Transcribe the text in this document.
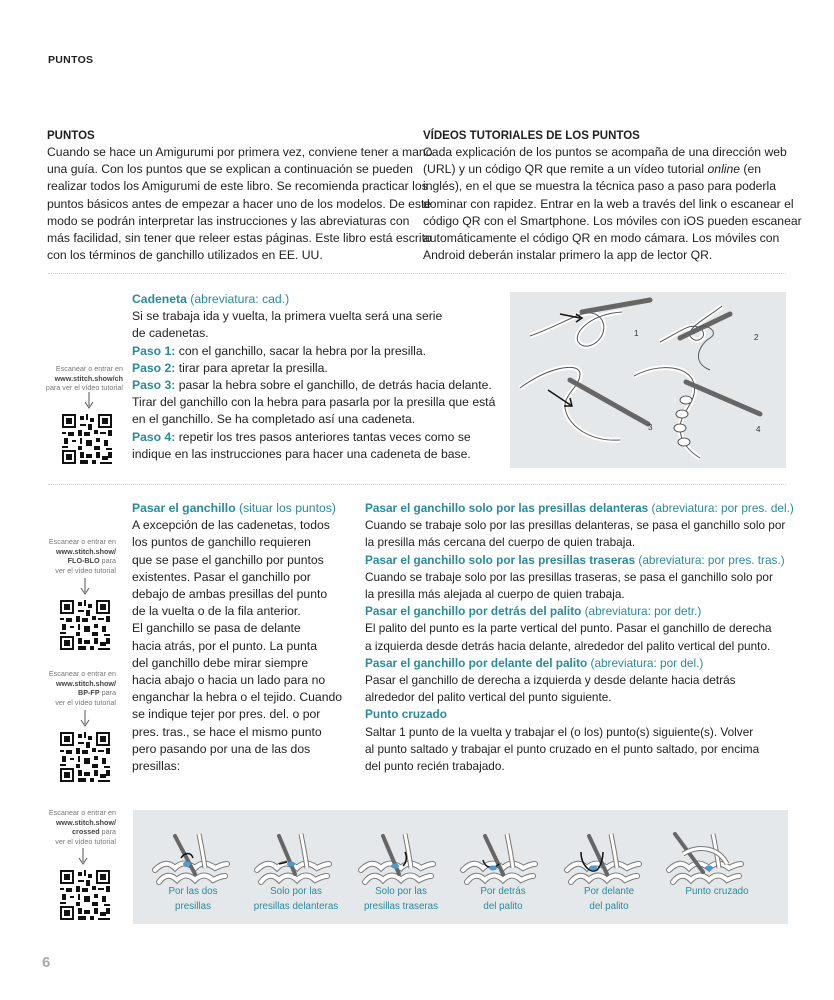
PUNTOS
PUNTOS
Cuando se hace un Amigurumi por primera vez, conviene tener a mano
una guía. Con los puntos que se explican a continuación se pueden
realizar todos los Amigurumi de este libro. Se recomienda practicar los
puntos básicos antes de empezar a hacer uno de los modelos. De este
modo se podrán interpretar las instrucciones y las abreviaturas con
más facilidad, sin tener que releer estas páginas. Este libro está escrito
con los términos de ganchillo utilizados en EE. UU.
VÍDEOS TUTORIALES DE LOS PUNTOS
Cada explicación de los puntos se acompaña de una dirección web
(URL) y un código QR que remite a un vídeo tutorial online (en
inglés), en el que se muestra la técnica paso a paso para poderla
dominar con rapidez. Entrar en la web a través del link o escanear el
código QR con el Smartphone. Los móviles con iOS pueden escanear
automáticamente el código QR en modo cámara. Los móviles con
Android deberán instalar primero la app de lector QR.
Escanear o entrar en
www.stitch.show/ch
para ver el vídeo tutorial
Cadeneta (abreviatura: cad.)
Si se trabaja ida y vuelta, la primera vuelta será una serie
de cadenetas.
Paso 1: con el ganchillo, sacar la hebra por la presilla.
Paso 2: tirar para apretar la presilla.
Paso 3: pasar la hebra sobre el ganchillo, de detrás hacia delante.
Tirar del ganchillo con la hebra para pasarla por la presilla que está
en el ganchillo. Se ha completado así una cadeneta.
Paso 4: repetir los tres pasos anteriores tantas veces como se
indique en las instrucciones para hacer una cadeneta de base.
1	2
3	4
Escanear o entrar en
www.stitch.show/
FLO-BLO para
ver el vídeo tutorial
Escanear o entrar en
www.stitch.show/
BP-FP para
ver el vídeo tutorial
Pasar el ganchillo (situar los puntos)
A excepción de las cadenetas, todos
los puntos de ganchillo requieren
que se pase el ganchillo por puntos
existentes. Pasar el ganchillo por
debajo de ambas presillas del punto
de la vuelta o de la fila anterior.
El ganchillo se pasa de delante
hacia atrás, por el punto. La punta
del ganchillo debe mirar siempre
hacia abajo o hacia un lado para no
enganchar la hebra o el tejido. Cuando
se indique tejer por pres. del. o por
pres. tras., se hace el mismo punto
pero pasando por una de las dos
presillas:
Pasar el ganchillo solo por las presillas delanteras (abreviatura: por pres. del.)
Cuando se trabaje solo por las presillas delanteras, se pasa el ganchillo solo por
la presilla más cercana del cuerpo de quien trabaja.
Pasar el ganchillo solo por las presillas traseras (abreviatura: por pres. tras.)
Cuando se trabaje solo por las presillas traseras, se pasa el ganchillo solo por
la presilla más alejada al cuerpo de quien trabaja.
Pasar el ganchillo por detrás del palito (abreviatura: por detr.)
El palito del punto es la parte vertical del punto. Pasar el ganchillo de derecha
a izquierda desde detrás hacia delante, alrededor del palito vertical del punto.
Pasar el ganchillo por delante del palito (abreviatura: por del.)
Pasar el ganchillo de derecha a izquierda y desde delante hacia detrás
alrededor del palito vertical del punto siguiente.
Punto cruzado
Saltar 1 punto de la vuelta y trabajar el (o los) punto(s) siguiente(s). Volver
al punto saltado y trabajar el punto cruzado en el punto saltado, por encima
del punto recién trabajado.
Escanear o entrar en
www.stitch.show/
crossed para
ver el vídeo tutorial
Por las dos
presillas
Solo por las
presillas delanteras
Solo por las
presillas traseras
Por detrás
del palito
Por delante
del palito
Punto cruzado
6
